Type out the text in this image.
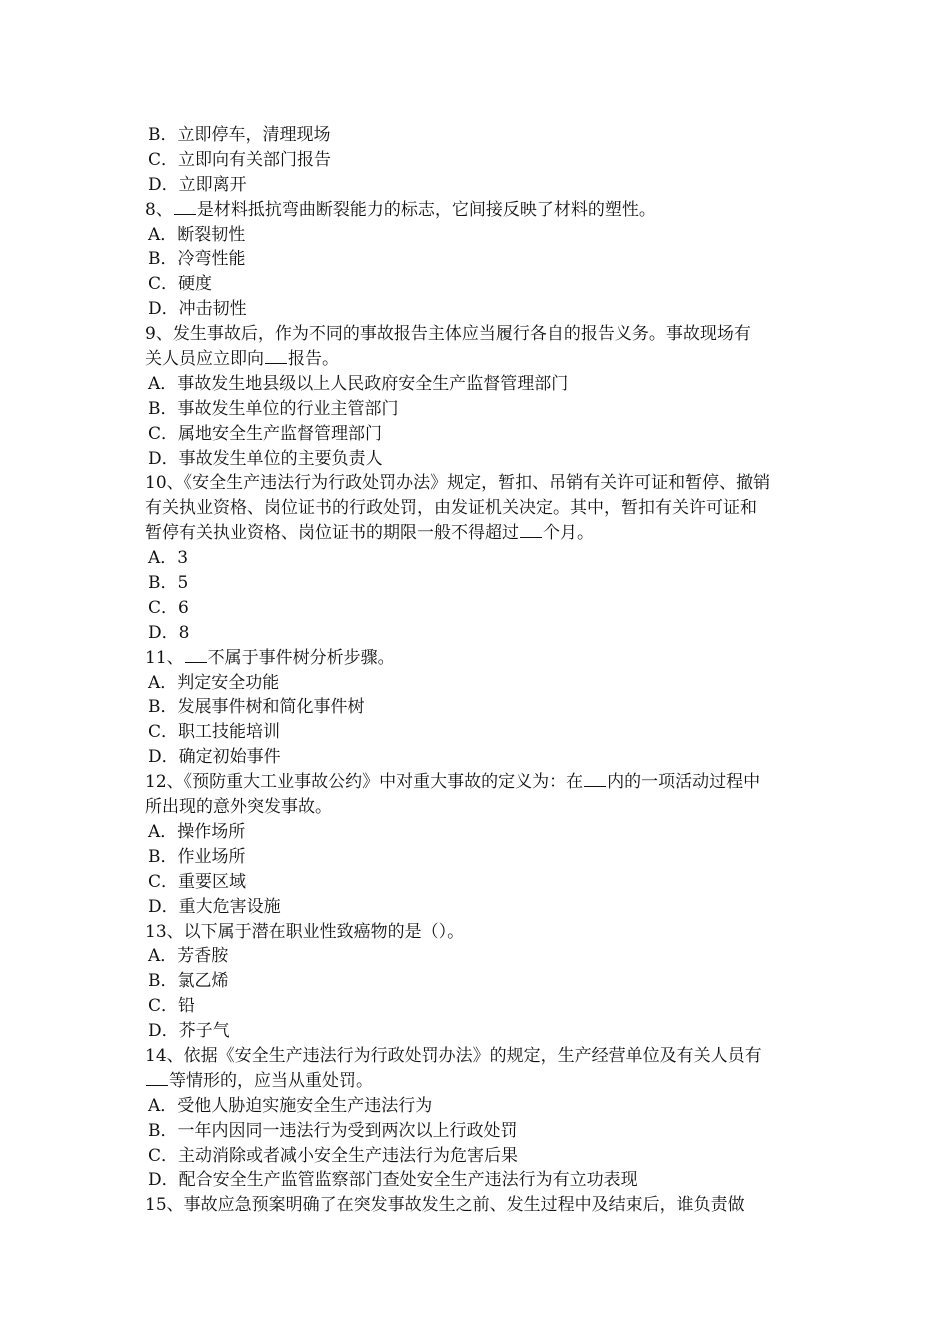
B．立即停车，清理现场
C．立即向有关部门报告
D．立即离开
8、 是材料抵抗弯曲断裂能力的标志，它间接反映了材料的塑性。
A．断裂韧性
B．冷弯性能
C．硬度
D．冲击韧性
9、发生事故后，作为不同的事故报告主体应当履行各自的报告义务。事故现场有
关人员应立即向 报告。
A．事故发生地县级以上人民政府安全生产监督管理部门
B．事故发生单位的行业主管部门
C．属地安全生产监督管理部门
D．事故发生单位的主要负责人
10、《安全生产违法行为行政处罚办法》规定，暂扣、吊销有关许可证和暂停、撤销
有关执业资格、岗位证书的行政处罚，由发证机关决定。其中，暂扣有关许可证和
暂停有关执业资格、岗位证书的期限一般不得超过 个月。
A．3
B．5
C．6
D．8
11、 不属于事件树分析步骤。
A．判定安全功能
B．发展事件树和简化事件树
C．职工技能培训
D．确定初始事件
12、《预防重大工业事故公约》中对重大事故的定义为：在 内的一项活动过程中
所出现的意外突发事故。
A．操作场所
B．作业场所
C．重要区域
D．重大危害设施
13、以下属于潜在职业性致癌物的是（）。
A．芳香胺
B．氯乙烯
C．铅
D．芥子气
14、依据《安全生产违法行为行政处罚办法》的规定，生产经营单位及有关人员有
等情形的，应当从重处罚。
A．受他人胁迫实施安全生产违法行为
B．一年内因同一违法行为受到两次以上行政处罚
C．主动消除或者减小安全生产违法行为危害后果
D．配合安全生产监管监察部门查处安全生产违法行为有立功表现
15、事故应急预案明确了在突发事故发生之前、发生过程中及结束后，谁负责做
